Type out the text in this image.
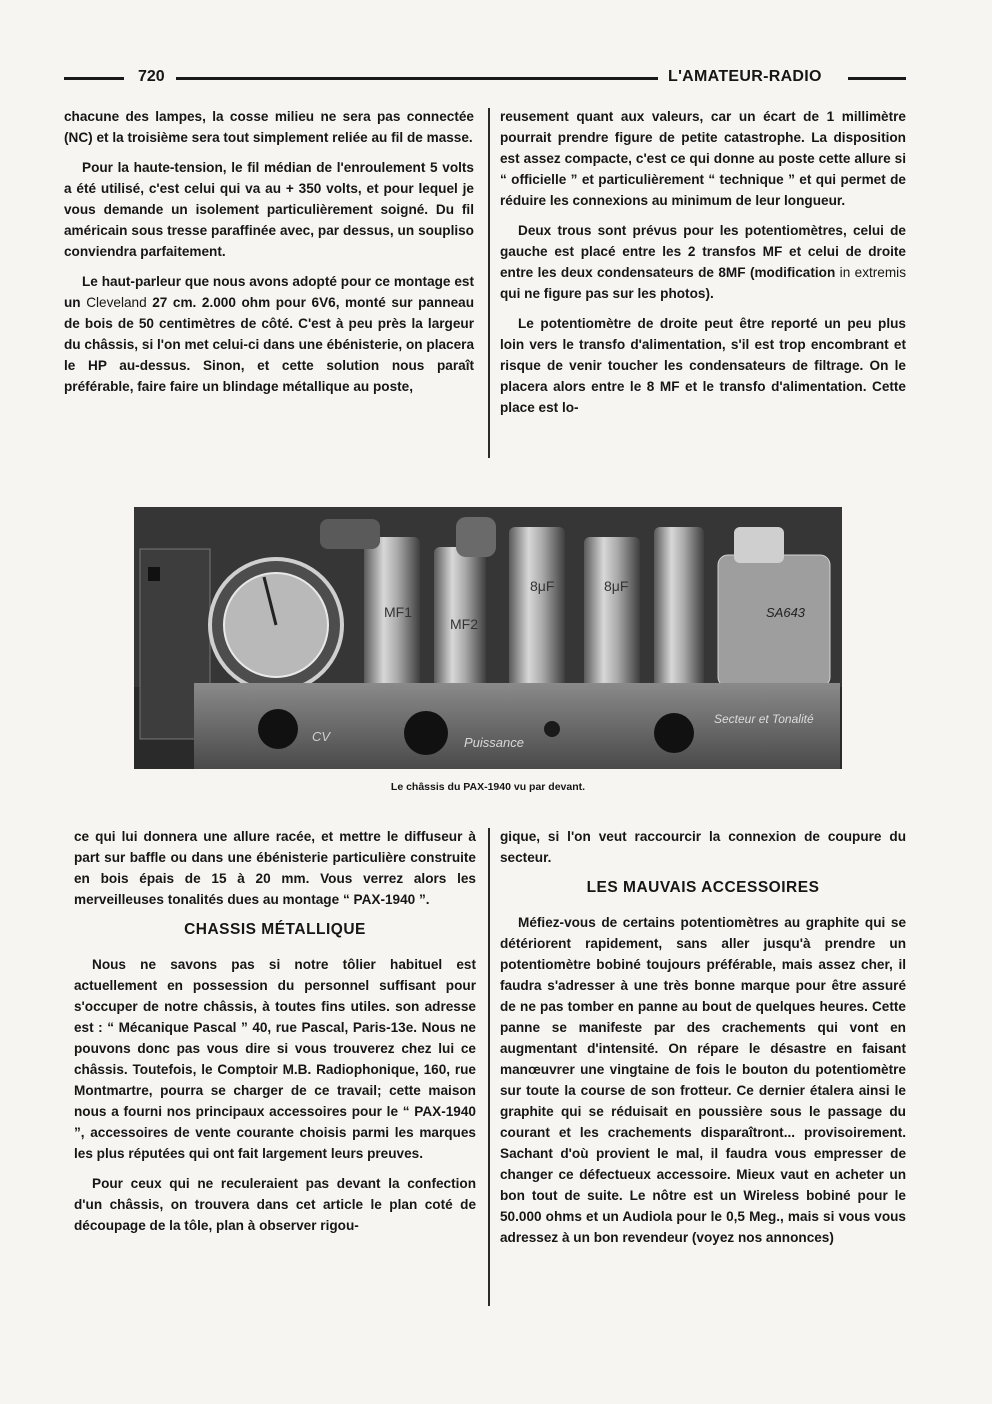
720	L'AMATEUR-RADIO

chacune des lampes, la cosse milieu ne sera pas connectée (NC) et la troisième sera tout simplement reliée au fil de masse.

Pour la haute-tension, le fil médian de l'enroulement 5 volts a été utilisé, c'est celui qui va au + 350 volts, et pour lequel je vous demande un isolement particulièrement soigné. Du fil américain sous tresse paraffinée avec, par dessus, un soupliso conviendra parfaitement.

Le haut-parleur que nous avons adopté pour ce montage est un Cleveland 27 cm. 2.000 ohm pour 6V6, monté sur panneau de bois de 50 centimètres de côté. C'est à peu près la largeur du châssis, si l'on met celui-ci dans une ébénisterie, on placera le HP au-dessus. Sinon, et cette solution nous paraît préférable, faire faire un blindage métallique au poste,

reusement quant aux valeurs, car un écart de 1 millimètre pourrait prendre figure de petite catastrophe. La disposition est assez compacte, c'est ce qui donne au poste cette allure si “ officielle ” et particulièrement “ technique ” et qui permet de réduire les connexions au minimum de leur longueur.

Deux trous sont prévus pour les potentiomètres, celui de gauche est placé entre les 2 transfos MF et celui de droite entre les deux condensateurs de 8MF (modification in extremis qui ne figure pas sur les photos).

Le potentiomètre de droite peut être reporté un peu plus loin vers le transfo d'alimentation, s'il est trop encombrant et risque de venir toucher les condensateurs de filtrage. On le placera alors entre le 8 MF et le transfo d'alimentation. Cette place est lo-

MF1
MF2
8μF	8μF
SA643
CV	Puissance
Secteur et Tonalité
Le châssis du PAX-1940 vu par devant.

ce qui lui donnera une allure racée, et mettre le diffuseur à part sur baffle ou dans une ébénisterie particulière construite en bois épais de 15 à 20 mm. Vous verrez alors les merveilleuses tonalités dues au montage “ PAX-1940 ”.

CHASSIS MÉTALLIQUE

Nous ne savons pas si notre tôlier habituel est actuellement en possession du personnel suffisant pour s'occuper de notre châssis, à toutes fins utiles. son adresse est : “ Mécanique Pascal ” 40, rue Pascal, Paris-13e. Nous ne pouvons donc pas vous dire si vous trouverez chez lui ce châssis. Toutefois, le Comptoir M.B. Radiophonique, 160, rue Montmartre, pourra se charger de ce travail; cette maison nous a fourni nos principaux accessoires pour le “ PAX-1940 ”, accessoires de vente courante choisis parmi les marques les plus réputées qui ont fait largement leurs preuves.

Pour ceux qui ne reculeraient pas devant la confection d'un châssis, on trouvera dans cet article le plan coté de découpage de la tôle, plan à observer rigou-

gique, si l'on veut raccourcir la connexion de coupure du secteur.

LES MAUVAIS ACCESSOIRES

Méfiez-vous de certains potentiomètres au graphite qui se détériorent rapidement, sans aller jusqu'à prendre un potentiomètre bobiné toujours préférable, mais assez cher, il faudra s'adresser à une très bonne marque pour être assuré de ne pas tomber en panne au bout de quelques heures. Cette panne se manifeste par des crachements qui vont en augmentant d'intensité. On répare le désastre en faisant manœuvrer une vingtaine de fois le bouton du potentiomètre sur toute la course de son frotteur. Ce dernier étalera ainsi le graphite qui se réduisait en poussière sous le passage du courant et les crachements disparaîtront... provisoirement. Sachant d'où provient le mal, il faudra vous empresser de changer ce défectueux accessoire. Mieux vaut en acheter un bon tout de suite. Le nôtre est un Wireless bobiné pour le 50.000 ohms et un Audiola pour le 0,5 Meg., mais si vous vous adressez à un bon revendeur (voyez nos annonces)
